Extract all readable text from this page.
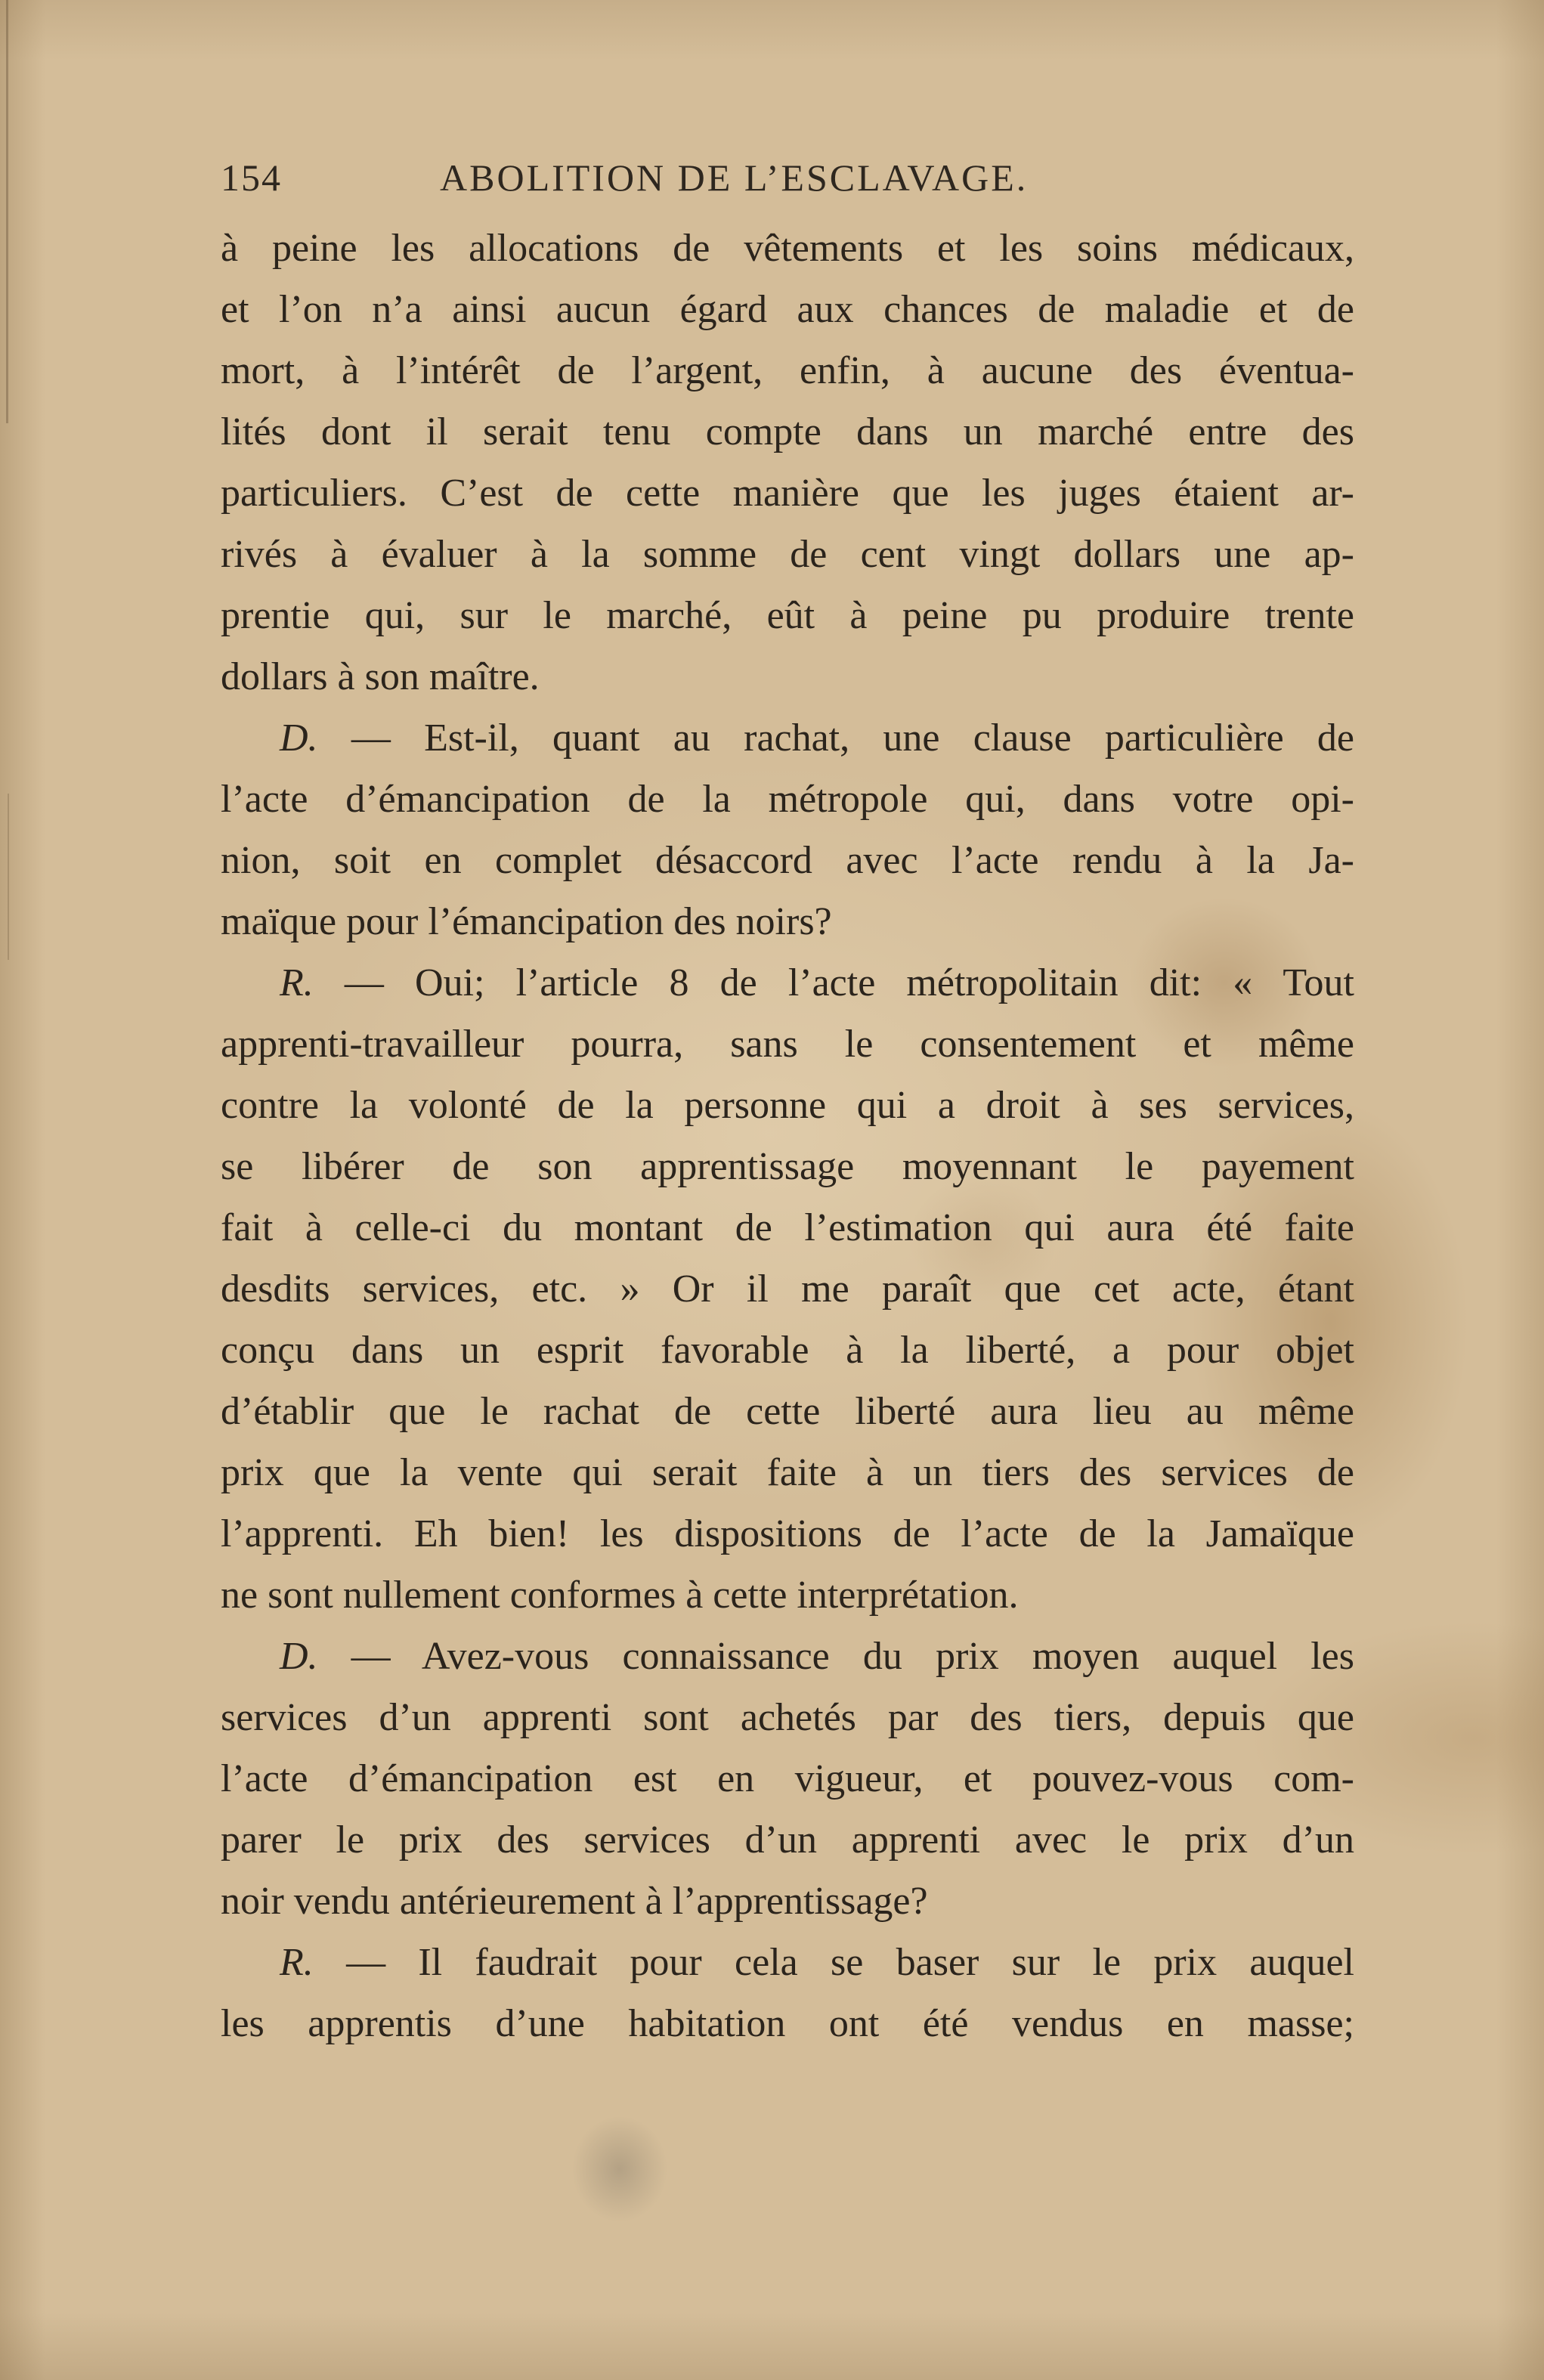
154	ABOLITION DE L’ESCLAVAGE.
à peine les allocations de vêtements et les soins médicaux,
et l’on n’a ainsi aucun égard aux chances de maladie et de
mort, à l’intérêt de l’argent, enfin, à aucune des éventua-
lités dont il serait tenu compte dans un marché entre des
particuliers. C’est de cette manière que les juges étaient ar-
rivés à évaluer à la somme de cent vingt dollars une ap-
prentie qui, sur le marché, eût à peine pu produire trente
dollars à son maître.
D. — Est-il, quant au rachat, une clause particulière de
l’acte d’émancipation de la métropole qui, dans votre opi-
nion, soit en complet désaccord avec l’acte rendu à la Ja-
maïque pour l’émancipation des noirs?
R. — Oui; l’article 8 de l’acte métropolitain dit: « Tout
apprenti-travailleur pourra, sans le consentement et même
contre la volonté de la personne qui a droit à ses services,
se libérer de son apprentissage moyennant le payement
fait à celle-ci du montant de l’estimation qui aura été faite
desdits services, etc. » Or il me paraît que cet acte, étant
conçu dans un esprit favorable à la liberté, a pour objet
d’établir que le rachat de cette liberté aura lieu au même
prix que la vente qui serait faite à un tiers des services de
l’apprenti. Eh bien! les dispositions de l’acte de la Jamaïque
ne sont nullement conformes à cette interprétation.
D. — Avez-vous connaissance du prix moyen auquel les
services d’un apprenti sont achetés par des tiers, depuis que
l’acte d’émancipation est en vigueur, et pouvez-vous com-
parer le prix des services d’un apprenti avec le prix d’un
noir vendu antérieurement à l’apprentissage?
R. — Il faudrait pour cela se baser sur le prix auquel
les apprentis d’une habitation ont été vendus en masse;
